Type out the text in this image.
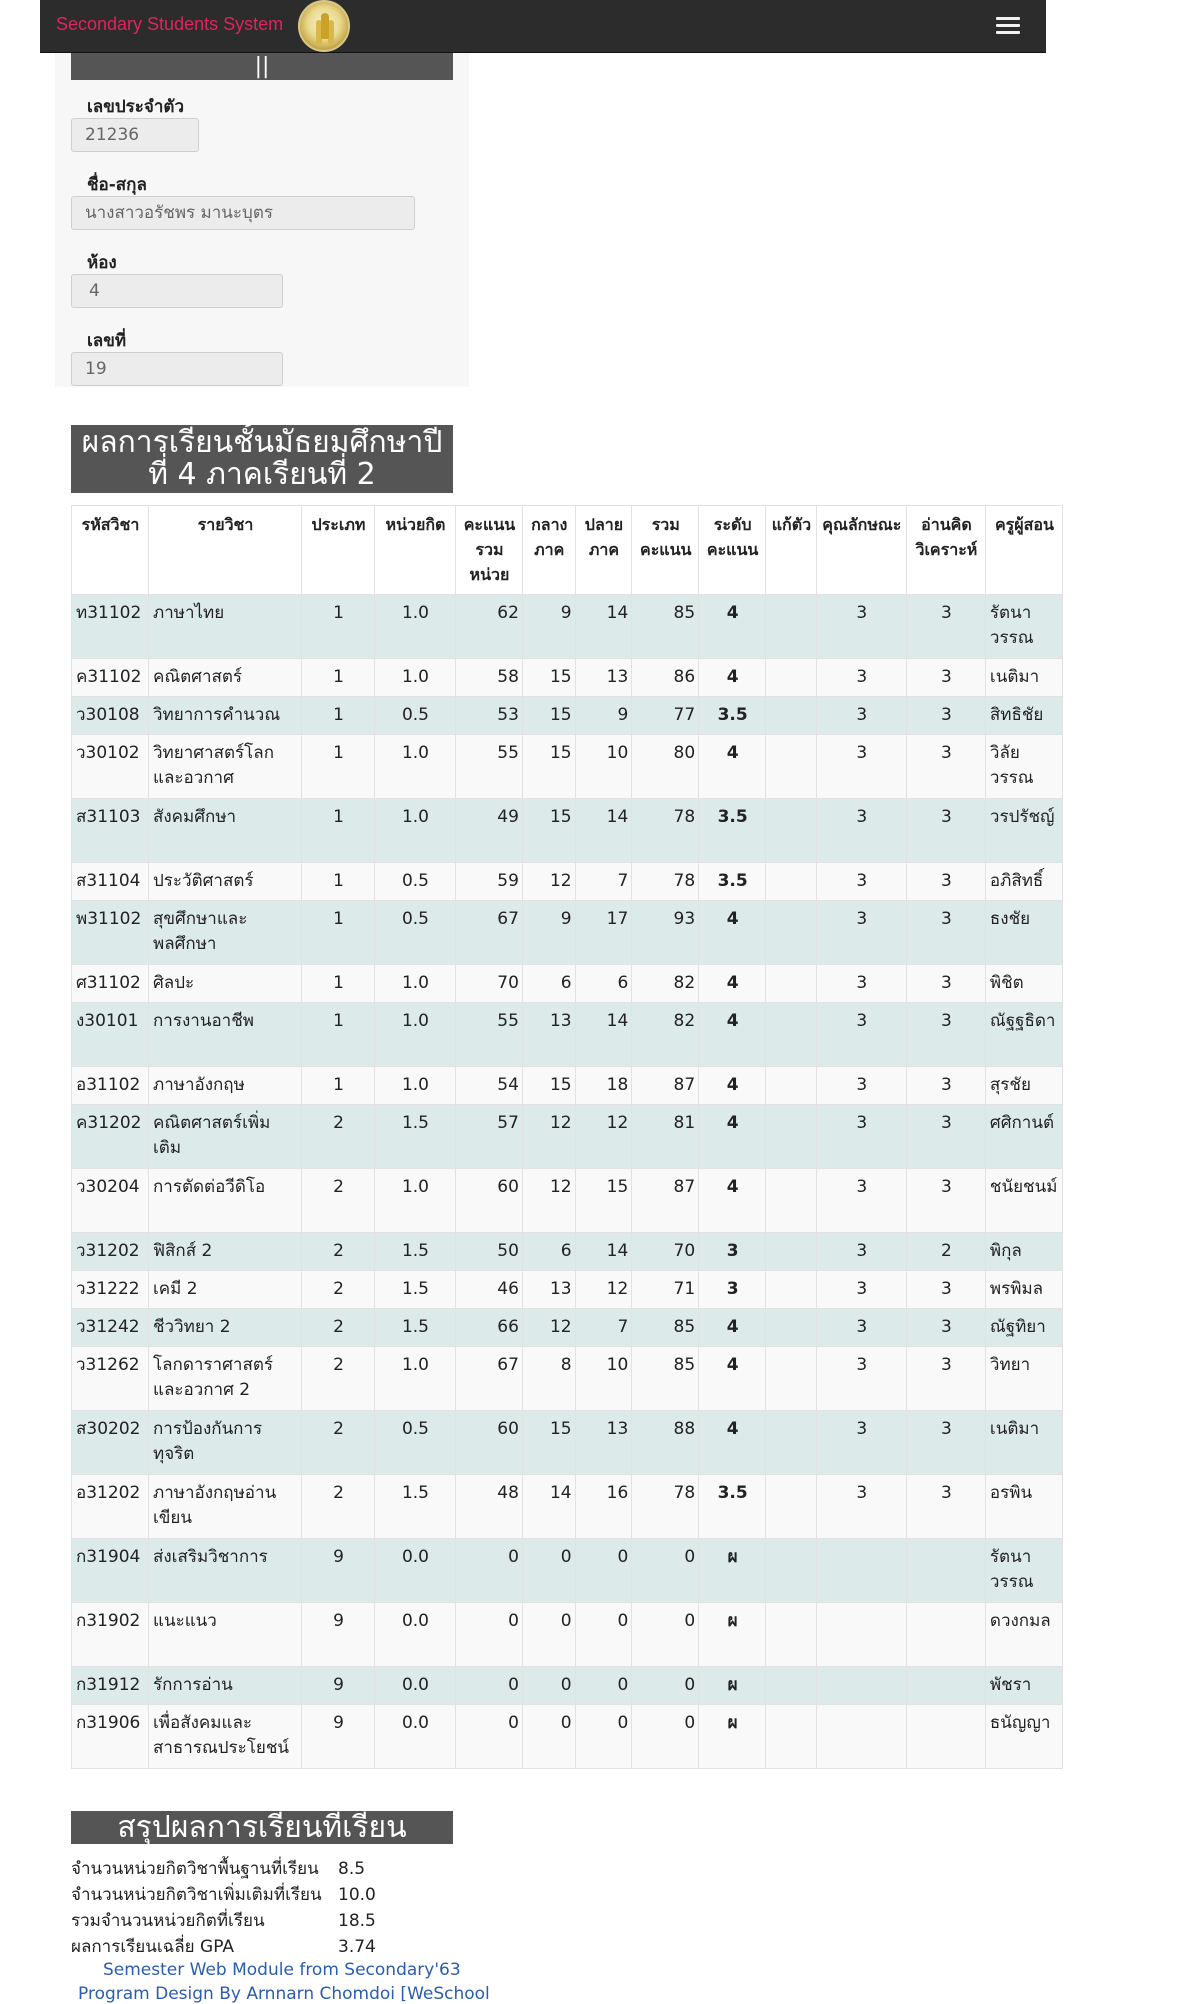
Secondary Students System
||
เลขประจำตัว
21236
ชื่อ-สกุล
นางสาวอรัชพร มานะบุตร
ห้อง
4
เลขที่
19
ผลการเรียนชั้นมัธยมศึกษาปี
ที่ 4 ภาคเรียนที่ 2
รหัสวิชา	รายวิชา	ประเภท	หน่วยกิต	คะแนนรวมหน่วย	กลางภาค	ปลายภาค	รวมคะแนน	ระดับคะแนน	แก้ตัว	คุณลักษณะ	อ่านคิดวิเคราะห์	ครูผู้สอน
ท31102	ภาษาไทย	1	1.0	62	9	14	85	4		3	3	รัตนาวรรณ
ค31102	คณิตศาสตร์	1	1.0	58	15	13	86	4		3	3	เนติมา
ว30108	วิทยาการคำนวณ	1	0.5	53	15	9	77	3.5		3	3	สิทธิชัย
ว30102	วิทยาศาสตร์โลกและอวกาศ	1	1.0	55	15	10	80	4		3	3	วิลัยวรรณ
ส31103	สังคมศึกษา	1	1.0	49	15	14	78	3.5		3	3	วรปรัชญ์
ส31104	ประวัติศาสตร์	1	0.5	59	12	7	78	3.5		3	3	อภิสิทธิ์
พ31102	สุขศึกษาและพลศึกษา	1	0.5	67	9	17	93	4		3	3	ธงชัย
ศ31102	ศิลปะ	1	1.0	70	6	6	82	4		3	3	พิชิต
ง30101	การงานอาชีพ	1	1.0	55	13	14	82	4		3	3	ณัฐฐธิดา
อ31102	ภาษาอังกฤษ	1	1.0	54	15	18	87	4		3	3	สุรชัย
ค31202	คณิตศาสตร์เพิ่มเติม	2	1.5	57	12	12	81	4		3	3	ศศิกานต์
ว30204	การตัดต่อวีดิโอ	2	1.0	60	12	15	87	4		3	3	ชนัยชนม์
ว31202	ฟิสิกส์ 2	2	1.5	50	6	14	70	3		3	2	พิกุล
ว31222	เคมี 2	2	1.5	46	13	12	71	3		3	3	พรพิมล
ว31242	ชีววิทยา 2	2	1.5	66	12	7	85	4		3	3	ณัฐทิยา
ว31262	โลกดาราศาสตร์และอวกาศ 2	2	1.0	67	8	10	85	4		3	3	วิทยา
ส30202	การป้องกันการทุจริต	2	0.5	60	15	13	88	4		3	3	เนติมา
อ31202	ภาษาอังกฤษอ่านเขียน	2	1.5	48	14	16	78	3.5		3	3	อรพิน
ก31904	ส่งเสริมวิชาการ	9	0.0	0	0	0	0	ผ				รัตนาวรรณ
ก31902	แนะแนว	9	0.0	0	0	0	0	ผ				ดวงกมล
ก31912	รักการอ่าน	9	0.0	0	0	0	0	ผ				พัชรา
ก31906	เพื่อสังคมและสาธารณประโยชน์	9	0.0	0	0	0	0	ผ				ธนัญญา
สรุปผลการเรียนที่เรียน
จำนวนหน่วยกิตวิชาพื้นฐานที่เรียน 8.5
จำนวนหน่วยกิตวิชาเพิ่มเติมที่เรียน 10.0
รวมจำนวนหน่วยกิตที่เรียน	18.5
ผลการเรียนเฉลี่ย GPA	3.74
Semester Web Module from Secondary'63
Program Design By Arnnarn Chomdoi [WeSchool
